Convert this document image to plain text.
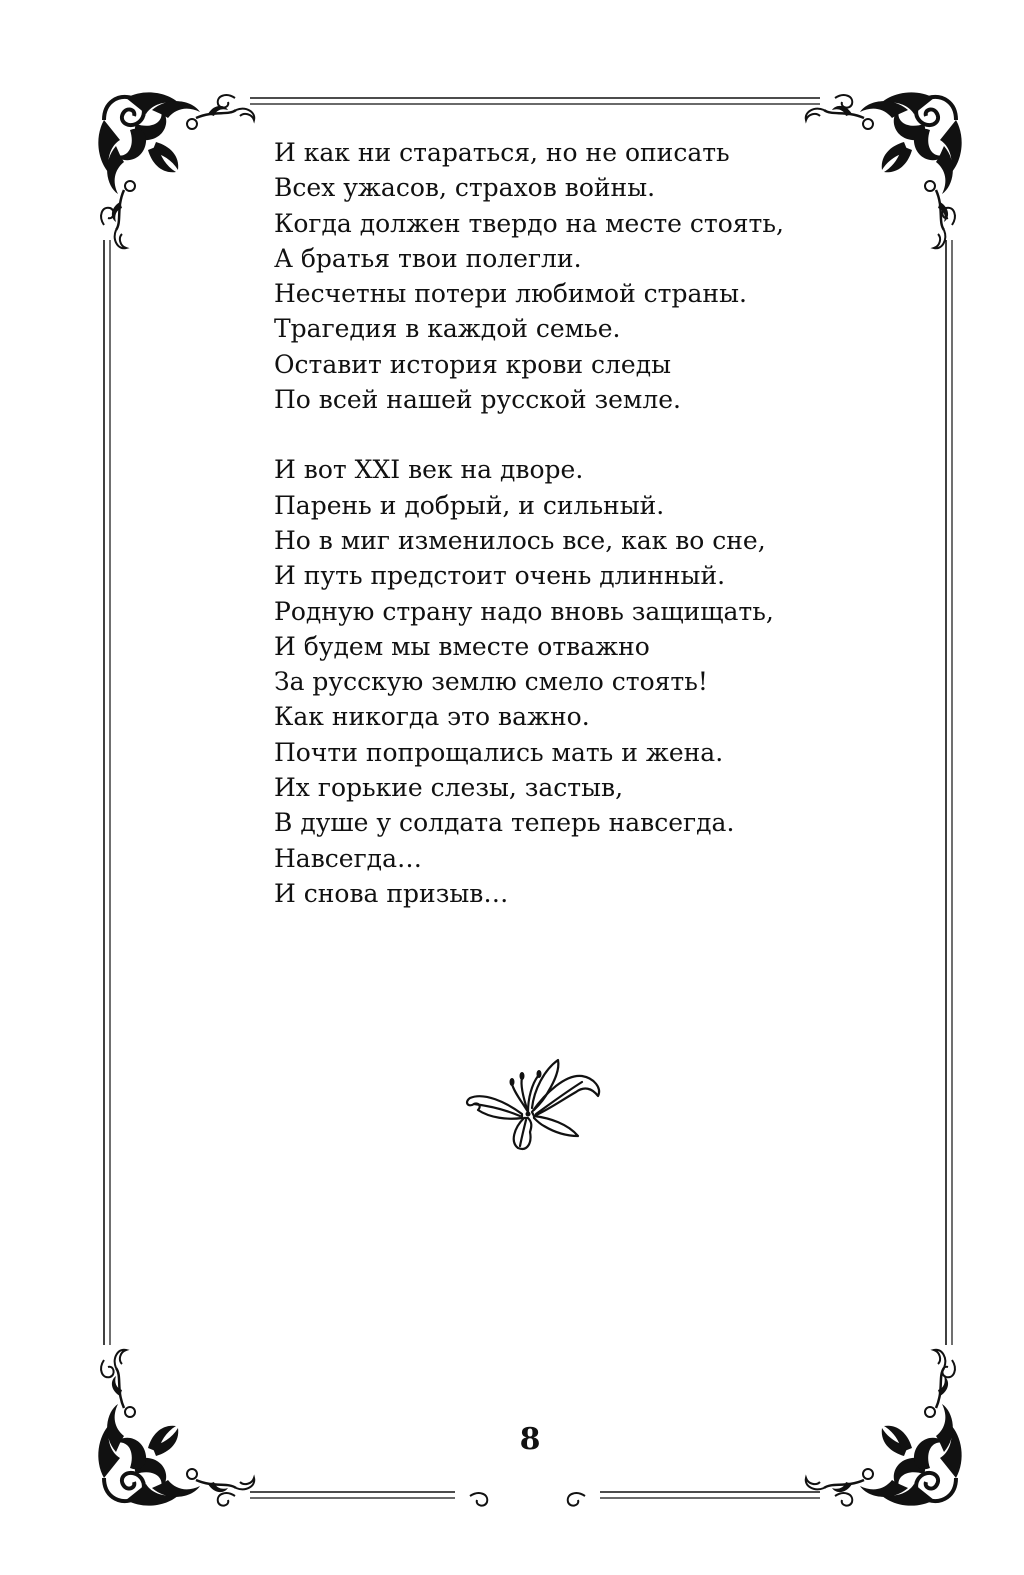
И как ни стараться, но не описать
Всех ужасов, страхов войны.
Когда должен твердо на месте стоять,
А братья твои полегли.
Несчетны потери любимой страны.
Трагедия в каждой семье.
Оставит история крови следы
По всей нашей русской земле.
И вот XXI век на дворе.
Парень и добрый, и сильный.
Но в миг изменилось все, как во сне,
И путь предстоит очень длинный.
Родную страну надо вновь защищать,
И будем мы вместе отважно
За русскую землю смело стоять!
Как никогда это важно.
Почти попрощались мать и жена.
Их горькие слезы, застыв,
В душе у солдата теперь навсегда.
Навсегда…
И снова призыв…
8
